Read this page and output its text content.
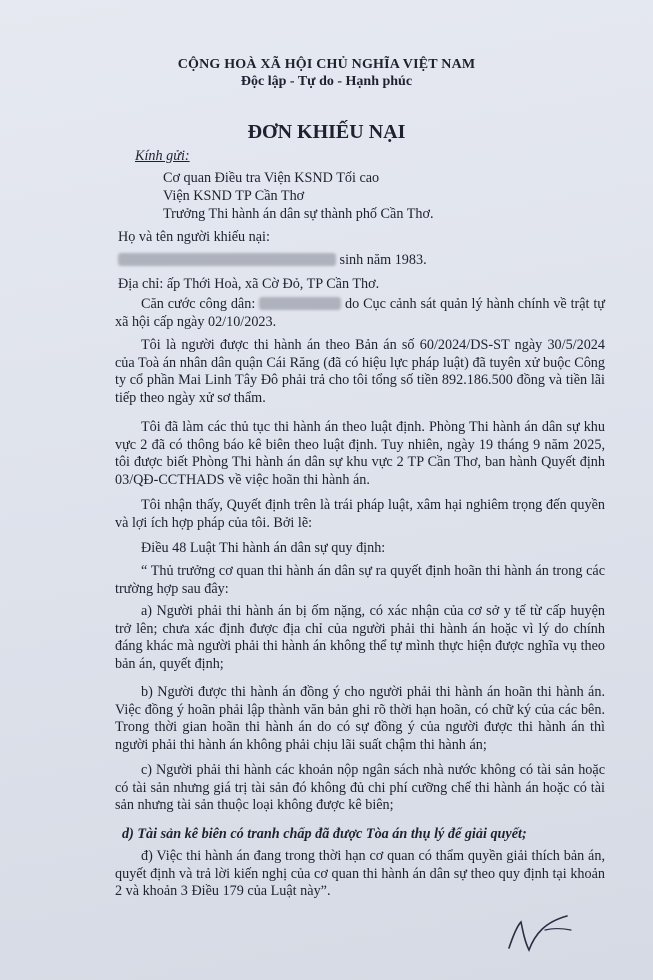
CỘNG HOÀ XÃ HỘI CHỦ NGHĨA VIỆT NAM
Độc lập - Tự do - Hạnh phúc
ĐƠN KHIẾU NẠI
Kính gửi:
Cơ quan Điều tra Viện KSND Tối cao
Viện KSND TP Cần Thơ
Trưởng Thi hành án dân sự thành phố Cần Thơ.
Họ và tên người khiếu nại:
sinh năm 1983.
Địa chỉ: ấp Thới Hoà, xã Cờ Đỏ, TP Cần Thơ.
Căn cước công dân:	do Cục cảnh sát quản lý hành chính về trật tự xã hội cấp ngày 02/10/2023.
Tôi là người được thi hành án theo Bản án số 60/2024/DS-ST ngày 30/5/2024 của Toà án nhân dân quận Cái Răng (đã có hiệu lực pháp luật) đã tuyên xử buộc Công ty cổ phần Mai Linh Tây Đô phải trả cho tôi tổng số tiền 892.186.500 đồng và tiền lãi tiếp theo ngày xử sơ thẩm.
Tôi đã làm các thủ tục thi hành án theo luật định. Phòng Thi hành án dân sự khu vực 2 đã có thông báo kê biên theo luật định. Tuy nhiên, ngày 19 tháng 9 năm 2025, tôi được biết Phòng Thi hành án dân sự khu vực 2 TP Cần Thơ, ban hành Quyết định 03/QĐ-CCTHADS về việc hoãn thi hành án.
Tôi nhận thấy, Quyết định trên là trái pháp luật, xâm hại nghiêm trọng đến quyền và lợi ích hợp pháp của tôi. Bởi lẽ:
Điều 48 Luật Thi hành án dân sự quy định:
“ Thủ trưởng cơ quan thi hành án dân sự ra quyết định hoãn thi hành án trong các trường hợp sau đây:
a) Người phải thi hành án bị ốm nặng, có xác nhận của cơ sở y tế từ cấp huyện trở lên; chưa xác định được địa chỉ của người phải thi hành án hoặc vì lý do chính đáng khác mà người phải thi hành án không thể tự mình thực hiện được nghĩa vụ theo bản án, quyết định;
b) Người được thi hành án đồng ý cho người phải thi hành án hoãn thi hành án. Việc đồng ý hoãn phải lập thành văn bản ghi rõ thời hạn hoãn, có chữ ký của các bên. Trong thời gian hoãn thi hành án do có sự đồng ý của người được thi hành án thì người phải thi hành án không phải chịu lãi suất chậm thi hành án;
c) Người phải thi hành các khoản nộp ngân sách nhà nước không có tài sản hoặc có tài sản nhưng giá trị tài sản đó không đủ chi phí cưỡng chế thi hành án hoặc có tài sản nhưng tài sản thuộc loại không được kê biên;
d) Tài sản kê biên có tranh chấp đã được Tòa án thụ lý để giải quyết;
đ) Việc thi hành án đang trong thời hạn cơ quan có thẩm quyền giải thích bản án, quyết định và trả lời kiến nghị của cơ quan thi hành án dân sự theo quy định tại khoản 2 và khoản 3 Điều 179 của Luật này”.
